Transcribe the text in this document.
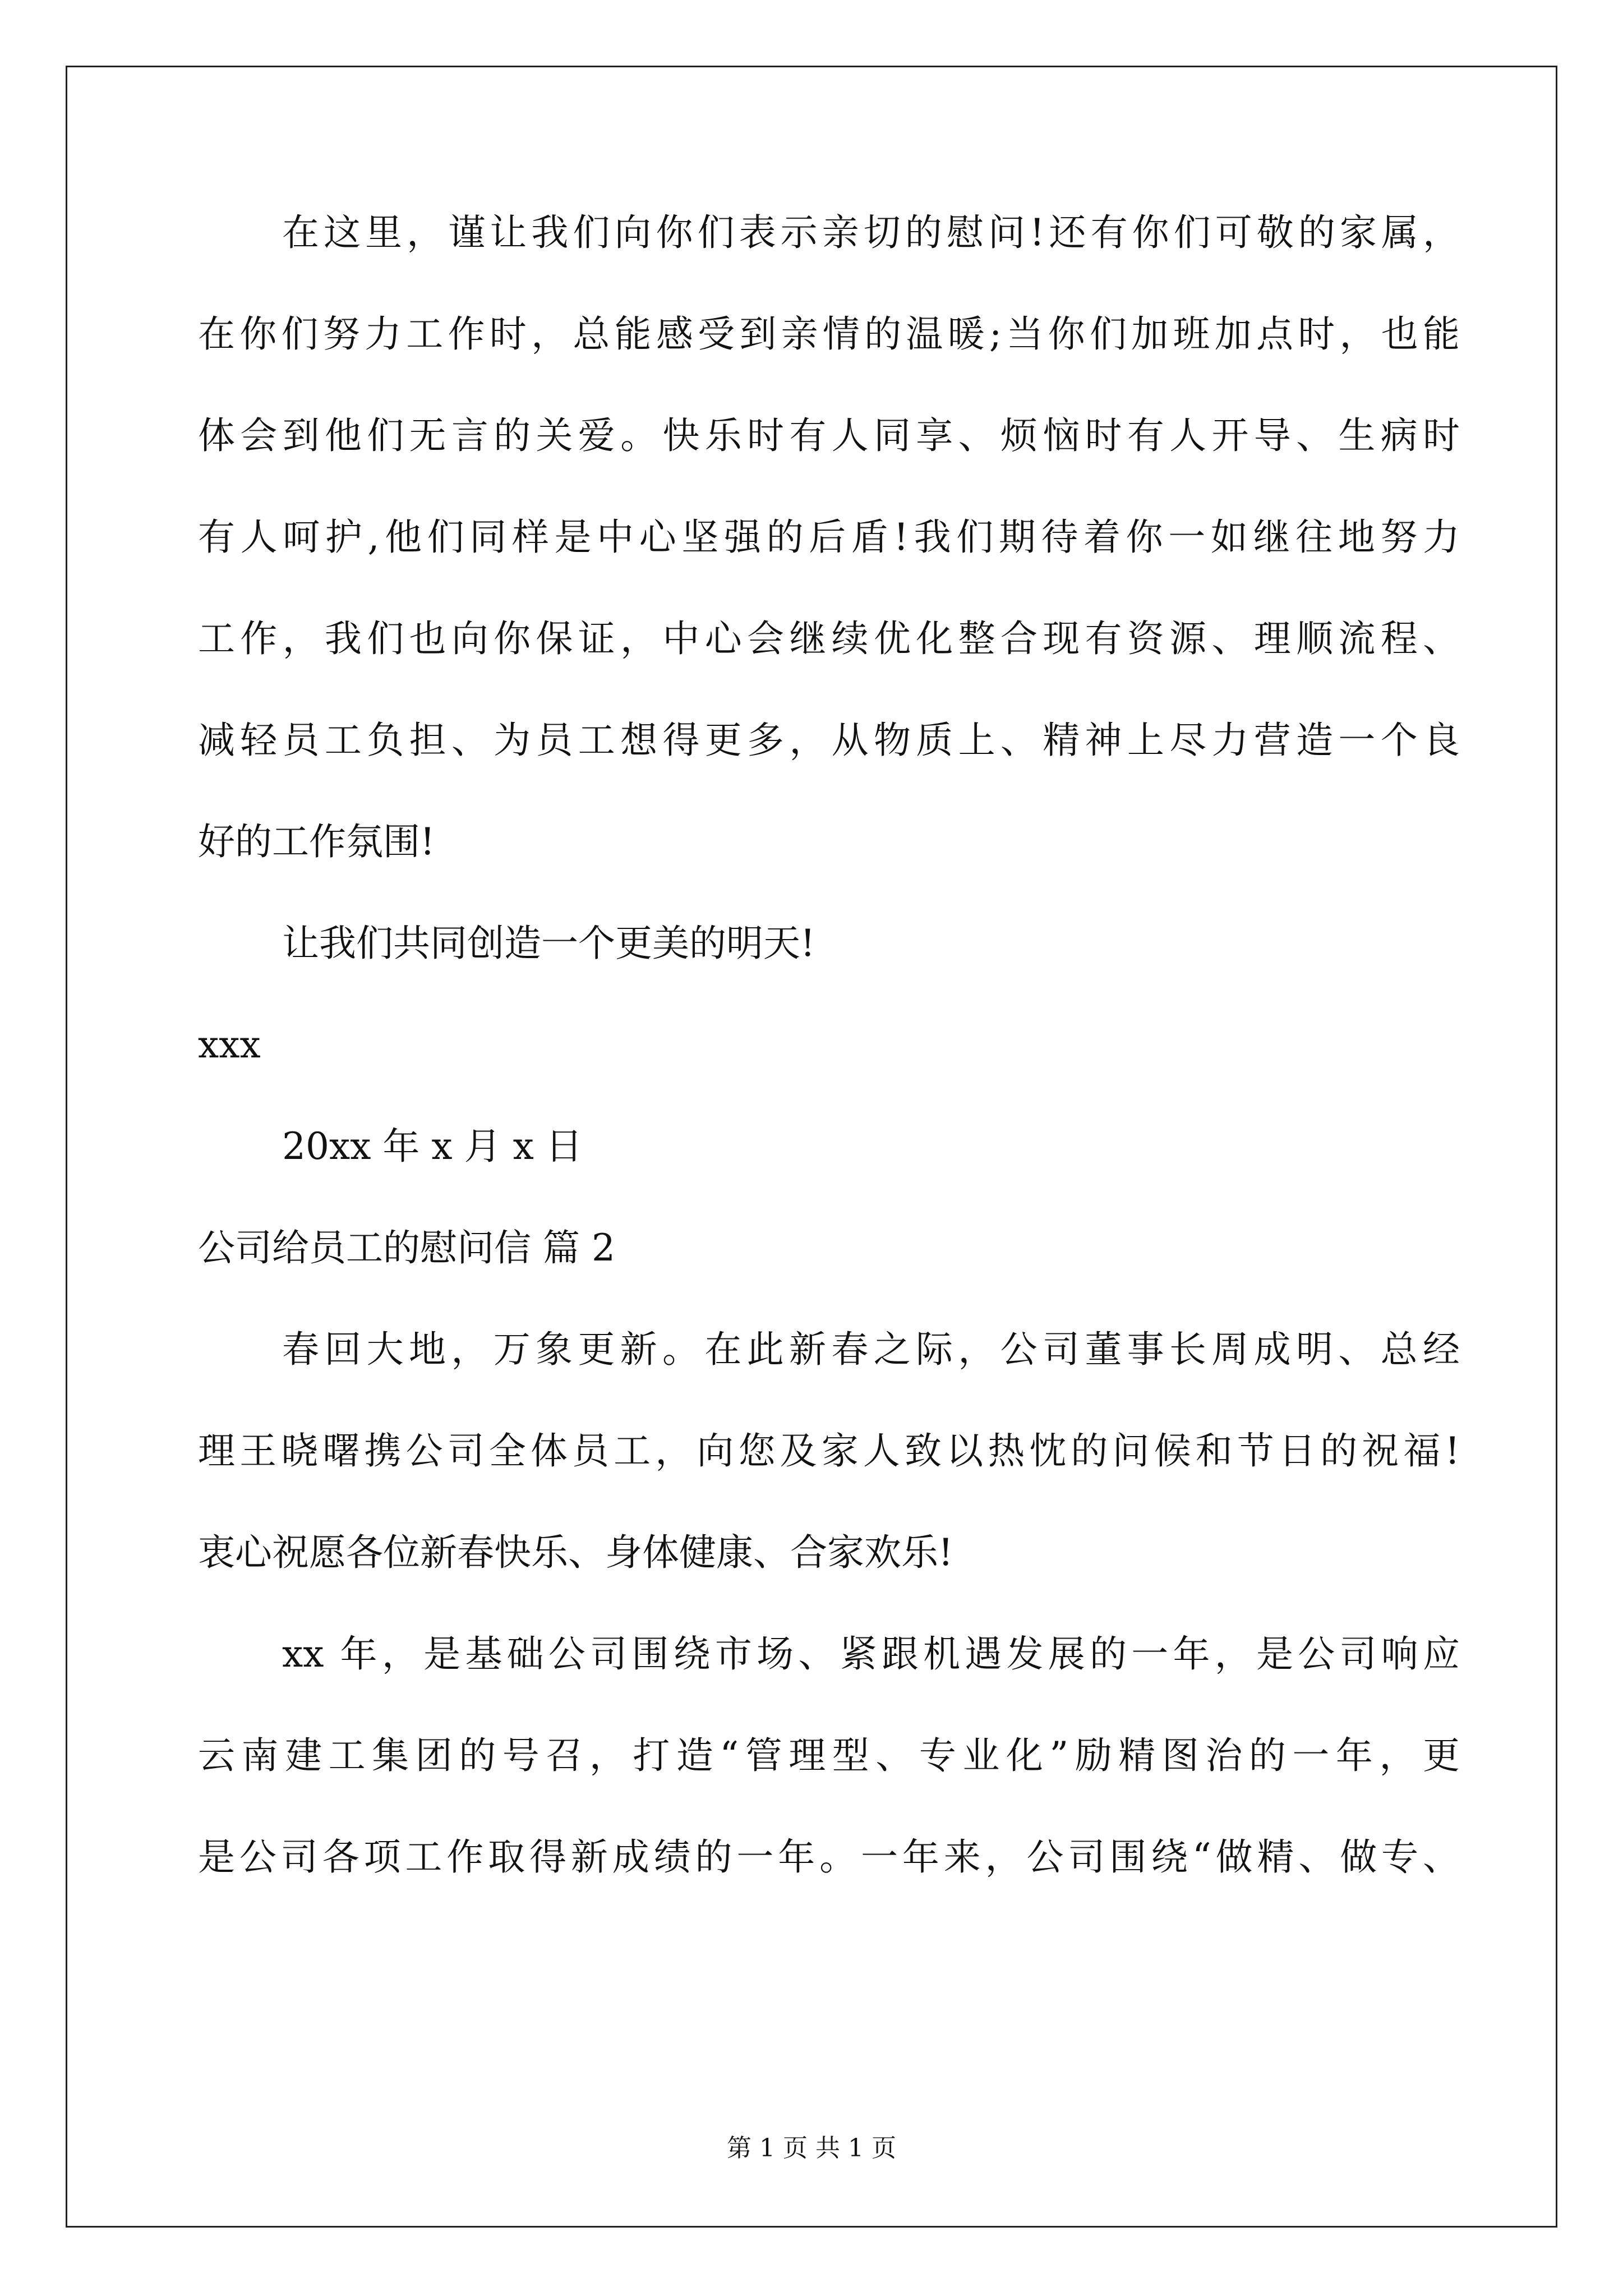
在这里，谨让我们向你们表示亲切的慰问!还有你们可敬的家属，
在你们努力工作时，总能感受到亲情的温暖;当你们加班加点时，也能
体会到他们无言的关爱。快乐时有人同享、烦恼时有人开导、生病时
有人呵护,他们同样是中心坚强的后盾!我们期待着你一如继往地努力
工作，我们也向你保证，中心会继续优化整合现有资源、理顺流程、
减轻员工负担、为员工想得更多，从物质上、精神上尽力营造一个良
好的工作氛围!
让我们共同创造一个更美的明天!
xxx
20xx 年 x 月 x 日
公司给员工的慰问信 篇 2
春回大地，万象更新。在此新春之际，公司董事长周成明、总经
理王晓曙携公司全体员工，向您及家人致以热忱的问候和节日的祝福!
衷心祝愿各位新春快乐、身体健康、合家欢乐!
xx 年，是基础公司围绕市场、紧跟机遇发展的一年，是公司响应
云南建工集团的号召，打造“管理型、专业化”励精图治的一年，更
是公司各项工作取得新成绩的一年。一年来，公司围绕“做精、做专、
第 1 页 共 1 页
